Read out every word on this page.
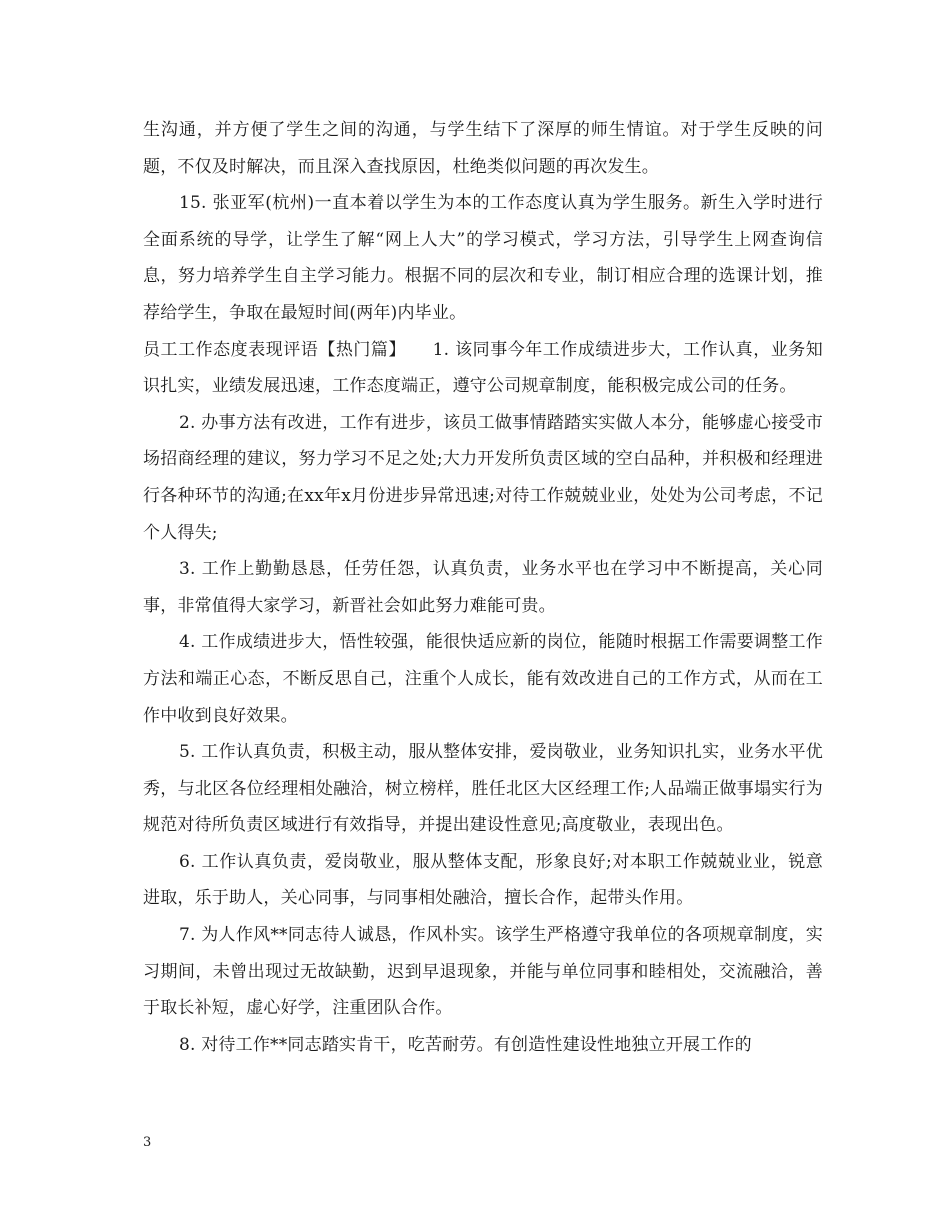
生沟通，并方便了学生之间的沟通，与学生结下了深厚的师生情谊。对于学生反映的问题，不仅及时解决，而且深入查找原因，杜绝类似问题的再次发生。

15. 张亚军(杭州)一直本着以学生为本的工作态度认真为学生服务。新生入学时进行全面系统的导学，让学生了解“网上人大”的学习模式，学习方法，引导学生上网查询信息，努力培养学生自主学习能力。根据不同的层次和专业，制订相应合理的选课计划，推荐给学生，争取在最短时间(两年)内毕业。

员工工作态度表现评语【热门篇】　　1. 该同事今年工作成绩进步大，工作认真，业务知识扎实，业绩发展迅速，工作态度端正，遵守公司规章制度，能积极完成公司的任务。

2. 办事方法有改进，工作有进步，该员工做事情踏踏实实做人本分，能够虚心接受市场招商经理的建议，努力学习不足之处;大力开发所负责区域的空白品种，并积极和经理进行各种环节的沟通;在xx年x月份进步异常迅速;对待工作兢兢业业，处处为公司考虑，不记个人得失;

3. 工作上勤勤恳恳，任劳任怨，认真负责，业务水平也在学习中不断提高，关心同事，非常值得大家学习，新晋社会如此努力难能可贵。

4. 工作成绩进步大，悟性较强，能很快适应新的岗位，能随时根据工作需要调整工作方法和端正心态，不断反思自己，注重个人成长，能有效改进自己的工作方式，从而在工作中收到良好效果。

5. 工作认真负责，积极主动，服从整体安排，爱岗敬业，业务知识扎实，业务水平优秀，与北区各位经理相处融洽，树立榜样，胜任北区大区经理工作;人品端正做事塌实行为规范对待所负责区域进行有效指导，并提出建设性意见;高度敬业，表现出色。

6. 工作认真负责，爱岗敬业，服从整体支配，形象良好;对本职工作兢兢业业，锐意进取，乐于助人，关心同事，与同事相处融洽，擅长合作，起带头作用。

7. 为人作风**同志待人诚恳，作风朴实。该学生严格遵守我单位的各项规章制度，实习期间，未曾出现过无故缺勤，迟到早退现象，并能与单位同事和睦相处，交流融洽，善于取长补短，虚心好学，注重团队合作。

8. 对待工作**同志踏实肯干，吃苦耐劳。有创造性建设性地独立开展工作的

3
